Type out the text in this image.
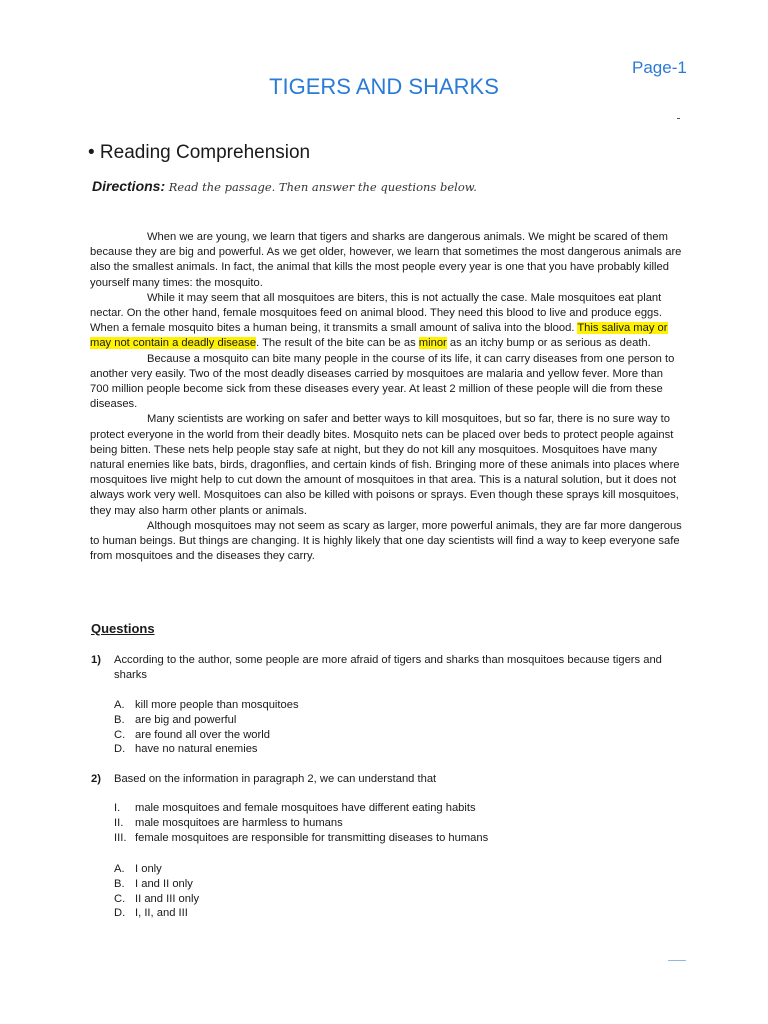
Page-1

TIGERS AND SHARKS
• Reading Comprehension

Directions: Read the passage. Then answer the questions below.

When we are young, we learn that tigers and sharks are dangerous animals. We might be scared of them because they are big and powerful. As we get older, however, we learn that sometimes the most dangerous animals are also the smallest animals. In fact, the animal that kills the most people every year is one that you have probably killed yourself many times: the mosquito.

While it may seem that all mosquitoes are biters, this is not actually the case. Male mosquitoes eat plant nectar. On the other hand, female mosquitoes feed on animal blood. They need this blood to live and produce eggs. When a female mosquito bites a human being, it transmits a small amount of saliva into the blood. This saliva may or may not contain a deadly disease. The result of the bite can be as minor as an itchy bump or as serious as death.

Because a mosquito can bite many people in the course of its life, it can carry diseases from one person to another very easily. Two of the most deadly diseases carried by mosquitoes are malaria and yellow fever. More than 700 million people become sick from these diseases every year. At least 2 million of these people will die from these diseases.

Many scientists are working on safer and better ways to kill mosquitoes, but so far, there is no sure way to protect everyone in the world from their deadly bites. Mosquito nets can be placed over beds to protect people against being bitten. These nets help people stay safe at night, but they do not kill any mosquitoes. Mosquitoes have many natural enemies like bats, birds, dragonflies, and certain kinds of fish. Bringing more of these animals into places where mosquitoes live might help to cut down the amount of mosquitoes in that area. This is a natural solution, but it does not always work very well. Mosquitoes can also be killed with poisons or sprays. Even though these sprays kill mosquitoes, they may also harm other plants or animals.

Although mosquitoes may not seem as scary as larger, more powerful animals, they are far more dangerous to human beings. But things are changing. It is highly likely that one day scientists will find a way to keep everyone safe from mosquitoes and the diseases they carry.

Questions
1) According to the author, some people are more afraid of tigers and sharks than mosquitoes because tigers and sharks
A. kill more people than mosquitoes
B. are big and powerful
C. are found all over the world
D. have no natural enemies
2) Based on the information in paragraph 2, we can understand that
I. male mosquitoes and female mosquitoes have different eating habits
II. male mosquitoes are harmless to humans
III. female mosquitoes are responsible for transmitting diseases to humans
A. I only
B. I and II only
C. II and III only
D. I, II, and III
